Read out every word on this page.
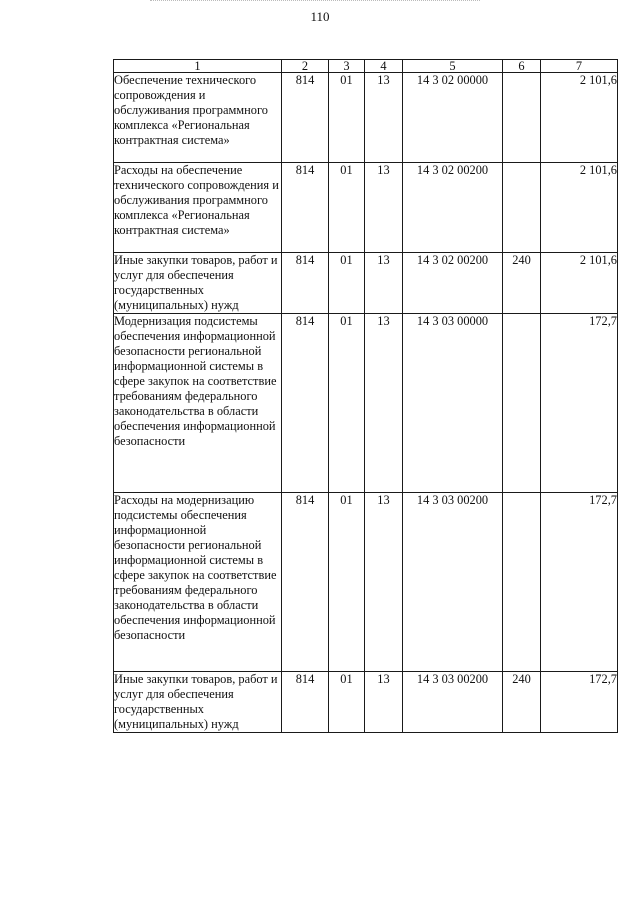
110
1	2	3	4	5	6	7
Обеспечение технического сопровождения и обслуживания программного комплекса «Региональная контрактная система»	814	01	13	14 3 02 00000		2 101,6
Расходы на обеспечение технического сопровождения и обслуживания программного комплекса «Региональная контрактная система»	814	01	13	14 3 02 00200		2 101,6
Иные закупки товаров, работ и услуг для обеспечения государственных (муниципальных) нужд	814	01	13	14 3 02 00200	240	2 101,6
Модернизация подсистемы обеспечения информационной безопасности региональной информационной системы в сфере закупок на соответствие требованиям федерального законодательства в области обеспечения информационной безопасности	814	01	13	14 3 03 00000		172,7
Расходы на модернизацию подсистемы обеспечения информационной безопасности региональной информационной системы в сфере закупок на соответствие требованиям федерального законодательства в области обеспечения информационной безопасности	814	01	13	14 3 03 00200		172,7
Иные закупки товаров, работ и услуг для обеспечения государственных (муниципальных) нужд	814	01	13	14 3 03 00200	240	172,7
